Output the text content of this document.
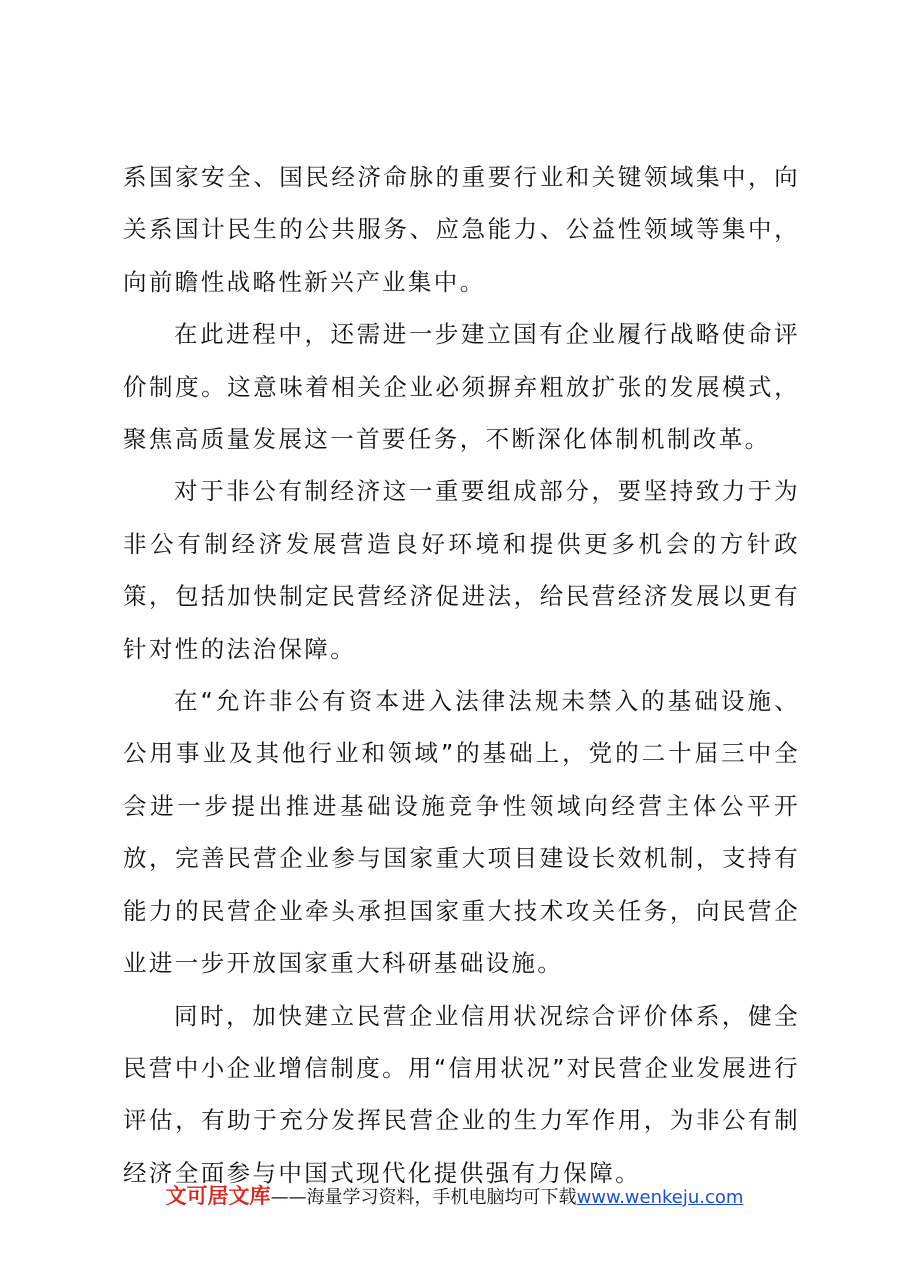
系国家安全、国民经济命脉的重要行业和关键领域集中，向关系国计民生的公共服务、应急能力、公益性领域等集中，向前瞻性战略性新兴产业集中。

在此进程中，还需进一步建立国有企业履行战略使命评价制度。这意味着相关企业必须摒弃粗放扩张的发展模式，聚焦高质量发展这一首要任务，不断深化体制机制改革。

对于非公有制经济这一重要组成部分，要坚持致力于为非公有制经济发展营造良好环境和提供更多机会的方针政策，包括加快制定民营经济促进法，给民营经济发展以更有针对性的法治保障。

在“允许非公有资本进入法律法规未禁入的基础设施、公用事业及其他行业和领域”的基础上，党的二十届三中全会进一步提出推进基础设施竞争性领域向经营主体公平开放，完善民营企业参与国家重大项目建设长效机制，支持有能力的民营企业牵头承担国家重大技术攻关任务，向民营企业进一步开放国家重大科研基础设施。

同时，加快建立民营企业信用状况综合评价体系，健全民营中小企业增信制度。用“信用状况”对民营企业发展进行评估，有助于充分发挥民营企业的生力军作用，为非公有制经济全面参与中国式现代化提供强有力保障。

文可居文库——海量学习资料，手机电脑均可下载www.wenkeju.com
